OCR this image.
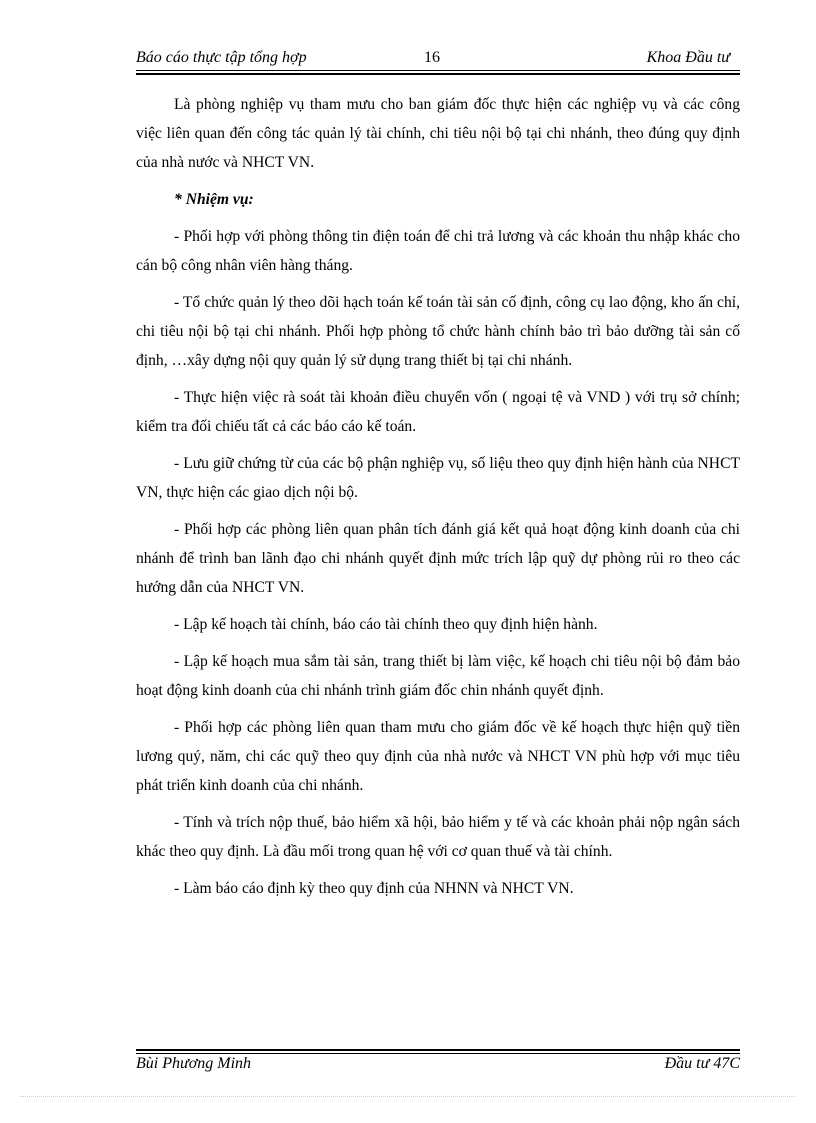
Báo cáo thực tập tổng hợp	16	Khoa Đầu tư

Là phòng nghiệp vụ tham mưu cho ban giám đốc thực hiện các nghiệp vụ và các công việc liên quan đến công tác quản lý tài chính, chi tiêu nội bộ tại chi nhánh, theo đúng quy định của nhà nước và NHCT VN.

* Nhiệm vụ:

- Phối hợp với phòng thông tin điện toán để chi trả lương và các khoản thu nhập khác cho cán bộ công nhân viên hàng tháng.

- Tổ chức quản lý theo dõi hạch toán kế toán tài sản cố định, công cụ lao động, kho ấn chỉ, chi tiêu nội bộ tại chi nhánh. Phối hợp phòng tổ chức hành chính bảo trì bảo dưỡng tài sản cố định, …xây dựng nội quy quản lý sử dụng trang thiết bị tại chi nhánh.

- Thực hiện việc rà soát tài khoản điều chuyển vốn ( ngoại tệ và VND ) với trụ sở chính; kiểm tra đối chiếu tất cả các báo cáo kế toán.

- Lưu giữ chứng từ của các bộ phận nghiệp vụ, số liệu theo quy định hiện hành của NHCT VN, thực hiện các giao dịch nội bộ.

- Phối hợp các phòng liên quan phân tích đánh giá kết quả hoạt động kinh doanh của chi nhánh để trình ban lãnh đạo chi nhánh quyết định mức trích lập quỹ dự phòng rủi ro theo các hướng dẫn của NHCT VN.

- Lập kế hoạch tài chính, báo cáo tài chính theo quy định hiện hành.

- Lập kế hoạch mua sắm tài sản, trang thiết bị làm việc, kế hoạch chi tiêu nội bộ đảm bảo hoạt động kinh doanh của chi nhánh trình giám đốc chin nhánh quyết định.

- Phối hợp các phòng liên quan tham mưu cho giám đốc về kế hoạch thực hiện quỹ tiền lương quý, năm, chi các quỹ theo quy định của nhà nước và NHCT VN phù hợp với mục tiêu phát triển kinh doanh của chi nhánh.

- Tính và trích nộp thuế, bảo hiểm xã hội, bảo hiểm y tế và các khoản phải nộp ngân sách khác theo quy định. Là đầu mối trong quan hệ với cơ quan thuế và tài chính.

- Làm báo cáo định kỳ theo quy định của NHNN và NHCT VN.

Bùi Phương Minh	Đầu tư 47C
